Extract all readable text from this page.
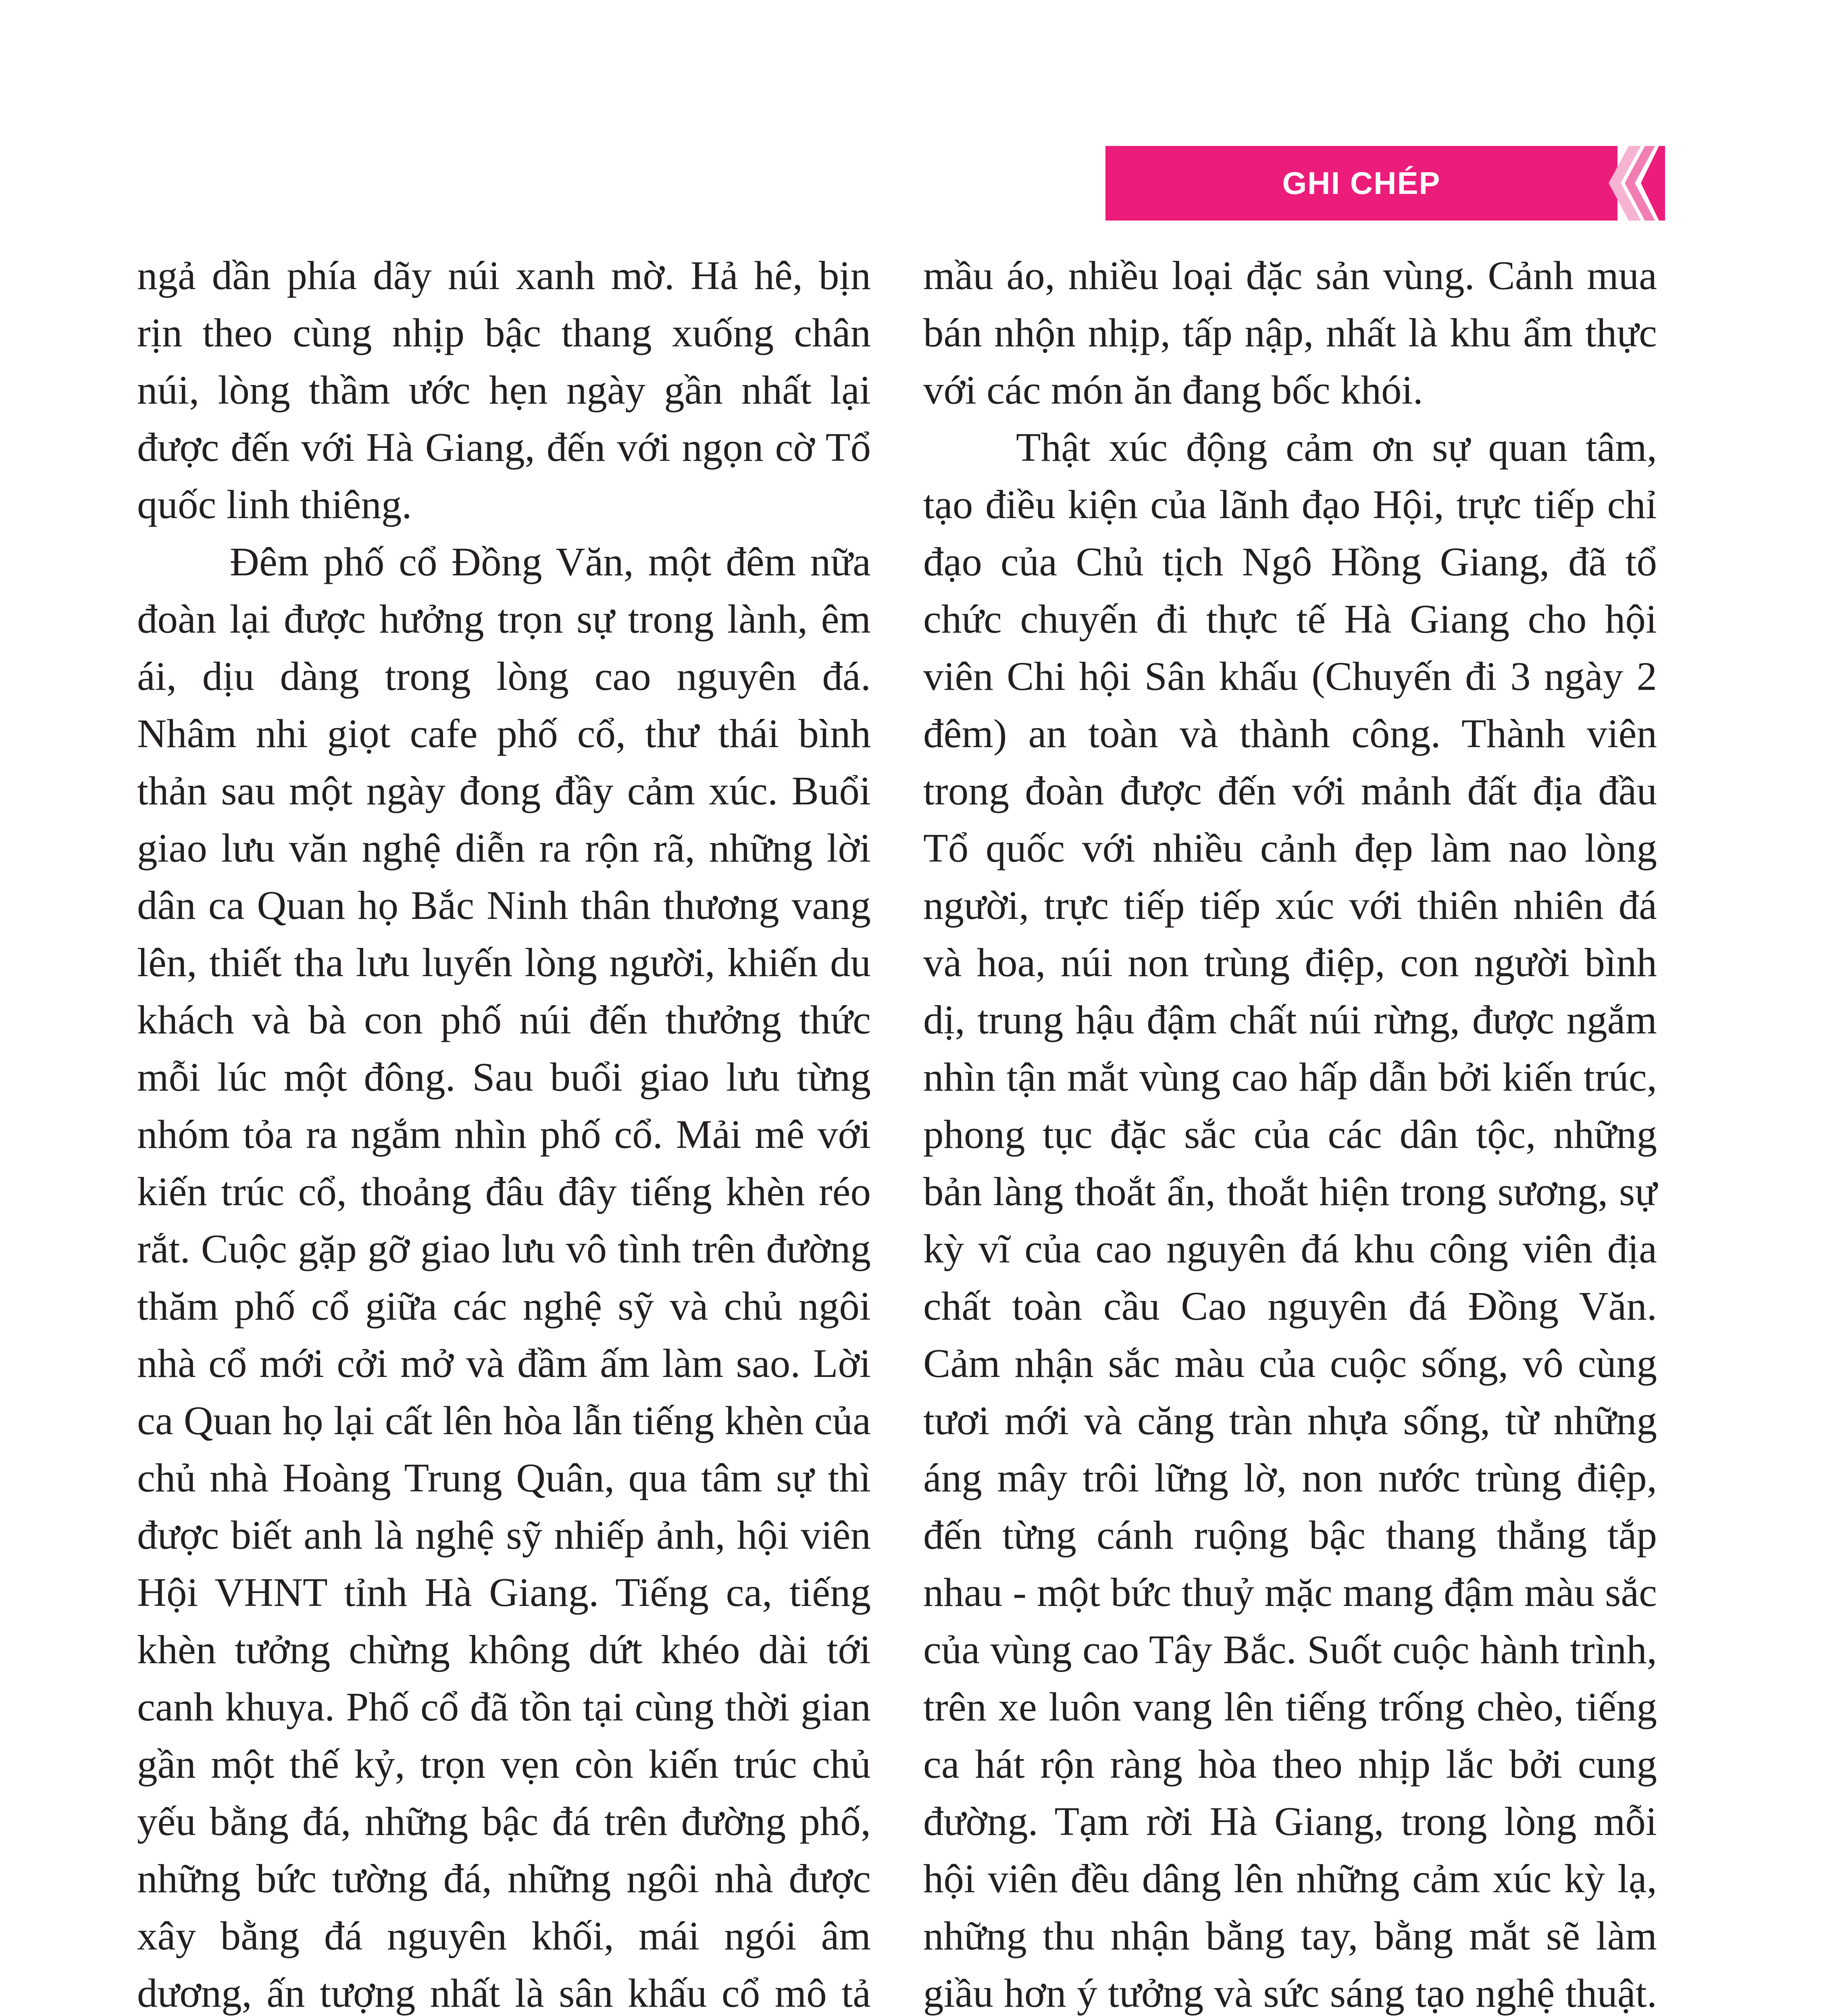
GHI CHÉP

ngả dần phía dãy núi xanh mờ. Hả hê, bịn rịn theo cùng nhịp bậc thang xuống chân núi, lòng thầm ước hẹn ngày gần nhất lại được đến với Hà Giang, đến với ngọn cờ Tổ quốc linh thiêng.

Đêm phố cổ Đồng Văn, một đêm nữa đoàn lại được hưởng trọn sự trong lành, êm ái, dịu dàng trong lòng cao nguyên đá. Nhâm nhi giọt cafe phố cổ, thư thái bình thản sau một ngày đong đầy cảm xúc. Buổi giao lưu văn nghệ diễn ra rộn rã, những lời dân ca Quan họ Bắc Ninh thân thương vang lên, thiết tha lưu luyến lòng người, khiến du khách và bà con phố núi đến thưởng thức mỗi lúc một đông. Sau buổi giao lưu từng nhóm tỏa ra ngắm nhìn phố cổ. Mải mê với kiến trúc cổ, thoảng đâu đây tiếng khèn réo rắt. Cuộc gặp gỡ giao lưu vô tình trên đường thăm phố cổ giữa các nghệ sỹ và chủ ngôi nhà cổ mới cởi mở và đầm ấm làm sao. Lời ca Quan họ lại cất lên hòa lẫn tiếng khèn của chủ nhà Hoàng Trung Quân, qua tâm sự thì được biết anh là nghệ sỹ nhiếp ảnh, hội viên Hội VHNT tỉnh Hà Giang. Tiếng ca, tiếng khèn tưởng chừng không dứt khéo dài tới canh khuya. Phố cổ đã tồn tại cùng thời gian gần một thế kỷ, trọn vẹn còn kiến trúc chủ yếu bằng đá, những bậc đá trên đường phố, những bức tường đá, những ngôi nhà được xây bằng đá nguyên khối, mái ngói âm dương, ấn tượng nhất là sân khấu cổ mô tả

mầu áo, nhiều loại đặc sản vùng. Cảnh mua bán nhộn nhịp, tấp nập, nhất là khu ẩm thực với các món ăn đang bốc khói.

Thật xúc động cảm ơn sự quan tâm, tạo điều kiện của lãnh đạo Hội, trực tiếp chỉ đạo của Chủ tịch Ngô Hồng Giang, đã tổ chức chuyến đi thực tế Hà Giang cho hội viên Chi hội Sân khấu (Chuyến đi 3 ngày 2 đêm) an toàn và thành công. Thành viên trong đoàn được đến với mảnh đất địa đầu Tổ quốc với nhiều cảnh đẹp làm nao lòng người, trực tiếp tiếp xúc với thiên nhiên đá và hoa, núi non trùng điệp, con người bình dị, trung hậu đậm chất núi rừng, được ngắm nhìn tận mắt vùng cao hấp dẫn bởi kiến trúc, phong tục đặc sắc của các dân tộc, những bản làng thoắt ẩn, thoắt hiện trong sương, sự kỳ vĩ của cao nguyên đá khu công viên địa chất toàn cầu Cao nguyên đá Đồng Văn. Cảm nhận sắc màu của cuộc sống, vô cùng tươi mới và căng tràn nhựa sống, từ những áng mây trôi lững lờ, non nước trùng điệp, đến từng cánh ruộng bậc thang thẳng tắp nhau - một bức thuỷ mặc mang đậm màu sắc của vùng cao Tây Bắc. Suốt cuộc hành trình, trên xe luôn vang lên tiếng trống chèo, tiếng ca hát rộn ràng hòa theo nhịp lắc bởi cung đường. Tạm rời Hà Giang, trong lòng mỗi hội viên đều dâng lên những cảm xúc kỳ lạ, những thu nhận bằng tay, bằng mắt sẽ làm giầu hơn ý tưởng và sức sáng tạo nghệ thuật.
